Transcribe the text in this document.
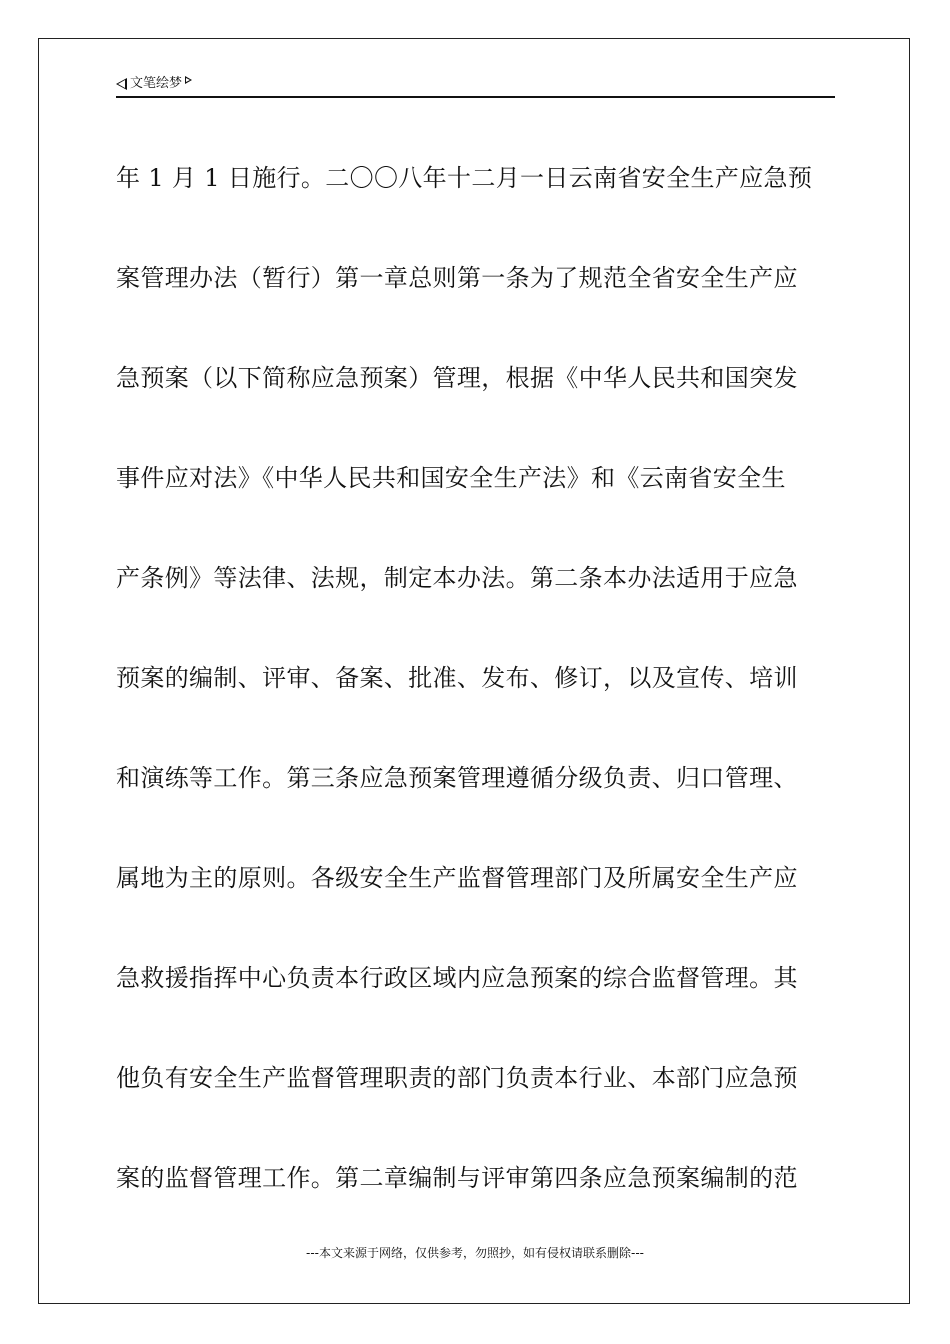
文笔绘梦
年 1 月 1 日施行。二〇〇八年十二月一日云南省安全生产应急预
案管理办法（暂行）第一章总则第一条为了规范全省安全生产应
急预案（以下简称应急预案）管理，根据《中华人民共和国突发
事件应对法》《中华人民共和国安全生产法》和《云南省安全生
产条例》等法律、法规，制定本办法。第二条本办法适用于应急
预案的编制、评审、备案、批准、发布、修订，以及宣传、培训
和演练等工作。第三条应急预案管理遵循分级负责、归口管理、
属地为主的原则。各级安全生产监督管理部门及所属安全生产应
急救援指挥中心负责本行政区域内应急预案的综合监督管理。其
他负有安全生产监督管理职责的部门负责本行业、本部门应急预
案的监督管理工作。第二章编制与评审第四条应急预案编制的范
---本文来源于网络，仅供参考，勿照抄，如有侵权请联系删除---
